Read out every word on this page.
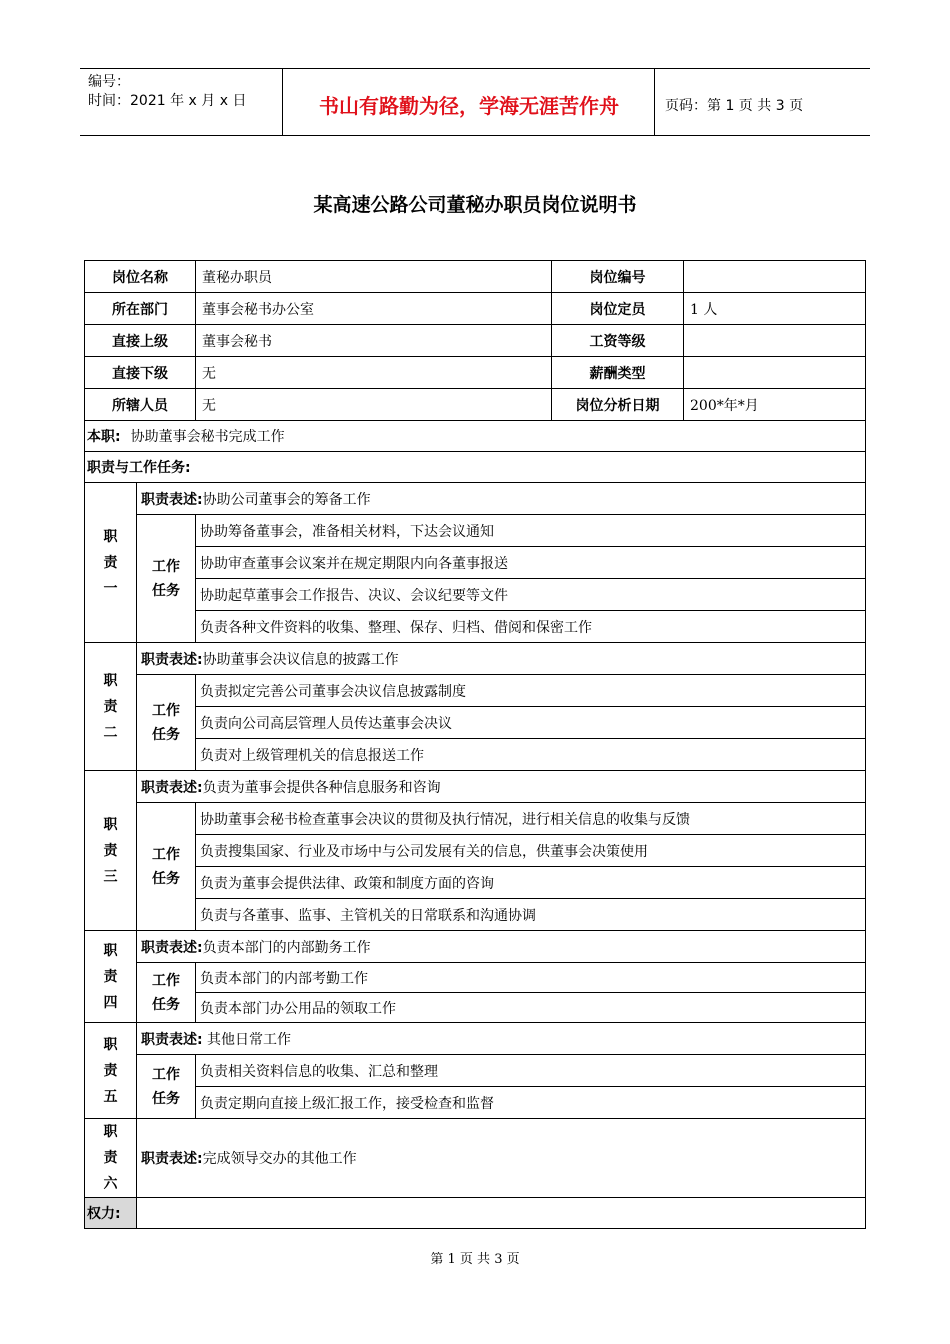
编号：
时间：2021 年 x 月 x 日	书山有路勤为径，学海无涯苦作舟	页码：第 1 页 共 3 页
某高速公路公司董秘办职员岗位说明书
岗位名称		董秘办职员	岗位编号	
所在部门		董事会秘书办公室	岗位定员	1 人
直接上级		董事会秘书	工资等级	
直接下级		无	薪酬类型	
所辖人员		无	岗位分析日期	200*年*月
本职: 协助董事会秘书完成工作				
职责与工作任务:				

职
责
一	职责表述:协助公司董事会的筹备工作			

	工作
任务	协助筹备董事会，准备相关材料，下达会议通知		
		协助审查董事会议案并在规定期限内向各董事报送		
		协助起草董事会工作报告、决议、会议纪要等文件		
		负责各种文件资料的收集、整理、保存、归档、借阅和保密工作		

职
责
二	职责表述:协助董事会决议信息的披露工作			

	工作
任务	负责拟定完善公司董事会决议信息披露制度		
		负责向公司高层管理人员传达董事会决议		
		负责对上级管理机关的信息报送工作		

职
责
三	职责表述:负责为董事会提供各种信息服务和咨询			

	工作
任务	协助董事会秘书检查董事会决议的贯彻及执行情况，进行相关信息的收集与反馈		
		负责搜集国家、行业及市场中与公司发展有关的信息，供董事会决策使用		
		负责为董事会提供法律、政策和制度方面的咨询		
		负责与各董事、监事、主管机关的日常联系和沟通协调		

职
责
四	职责表述:负责本部门的内部勤务工作			

	工作
任务	负责本部门的内部考勤工作		
		负责本部门办公用品的领取工作		

职
责
五	职责表述: 其他日常工作			

	工作
任务	负责相关资料信息的收集、汇总和整理		
		负责定期向直接上级汇报工作，接受检查和监督		

职
责
六	职责表述:完成领导交办的其他工作			
权力:				
第 1 页 共 3 页
